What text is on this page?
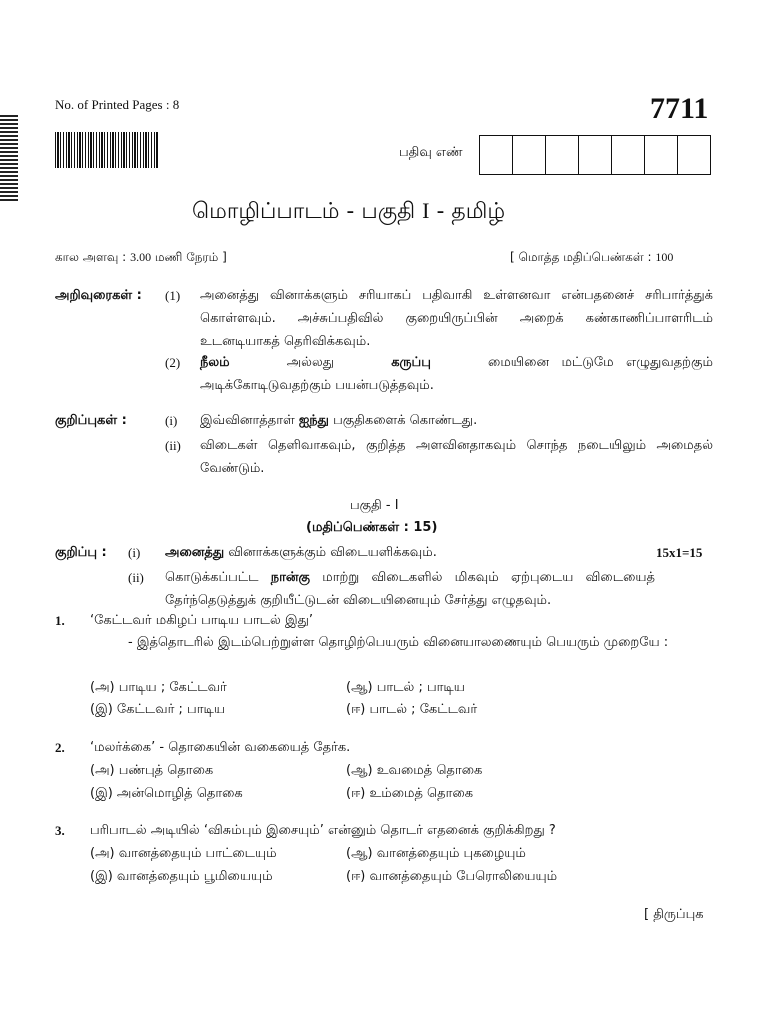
No. of Printed Pages : 8	7711
பதிவு எண்
மொழிப்பாடம் - பகுதி I - தமிழ்
கால அளவு : 3.00 மணி நேரம் ]	[ மொத்த மதிப்பெண்கள் : 100
அறிவுரைகள் : (1) அனைத்து வினாக்களும் சரியாகப் பதிவாகி உள்ளனவா என்பதனைச் சரிபார்த்துக் கொள்ளவும். அச்சுப்பதிவில் குறையிருப்பின் அறைக் கண்காணிப்பாளரிடம் உடனடியாகத் தெரிவிக்கவும்.
(2) நீலம்	அல்லது	கருப்பு	மையினை   மட்டுமே   எழுதுவதற்கும்
அடிக்கோடிடுவதற்கும் பயன்படுத்தவும்.
குறிப்புகள் :	(i) இவ்வினாத்தாள் ஐந்து பகுதிகளைக் கொண்டது.
(ii) விடைகள் தெளிவாகவும், குறித்த அளவினதாகவும் சொந்த நடையிலும் அமைதல் வேண்டும்.
பகுதி - I
(மதிப்பெண்கள் : 15)
குறிப்பு : (i) அனைத்து வினாக்களுக்கும் விடையளிக்கவும்.	15x1=15
(ii) கொடுக்கப்பட்ட நான்கு மாற்று விடைகளில் மிகவும் ஏற்புடைய விடையைத் தேர்ந்தெடுத்துக் குறியீட்டுடன் விடையினையும் சேர்த்து எழுதவும்.
1. ‘கேட்டவர் மகிழப் பாடிய பாடல் இது’
- இத்தொடரில் இடம்பெற்றுள்ள தொழிற்பெயரும் வினையாலணையும் பெயரும் முறையே :
(அ) பாடிய ; கேட்டவர்	(ஆ) பாடல் ; பாடிய
(இ) கேட்டவர் ; பாடிய	(ஈ) பாடல் ; கேட்டவர்
2. ‘மலர்க்கை’ - தொகையின் வகையைத் தேர்க.
(அ) பண்புத் தொகை	(ஆ) உவமைத் தொகை
(இ) அன்மொழித் தொகை	(ஈ) உம்மைத் தொகை
3. பரிபாடல் அடியில் ‘விசும்பும் இசையும்’ என்னும் தொடர் எதனைக் குறிக்கிறது ?
(அ) வானத்தையும் பாட்டையும்	(ஆ) வானத்தையும் புகழையும்
(இ) வானத்தையும் பூமியையும்	(ஈ) வானத்தையும் பேரொலியையும்
[ திருப்புக
